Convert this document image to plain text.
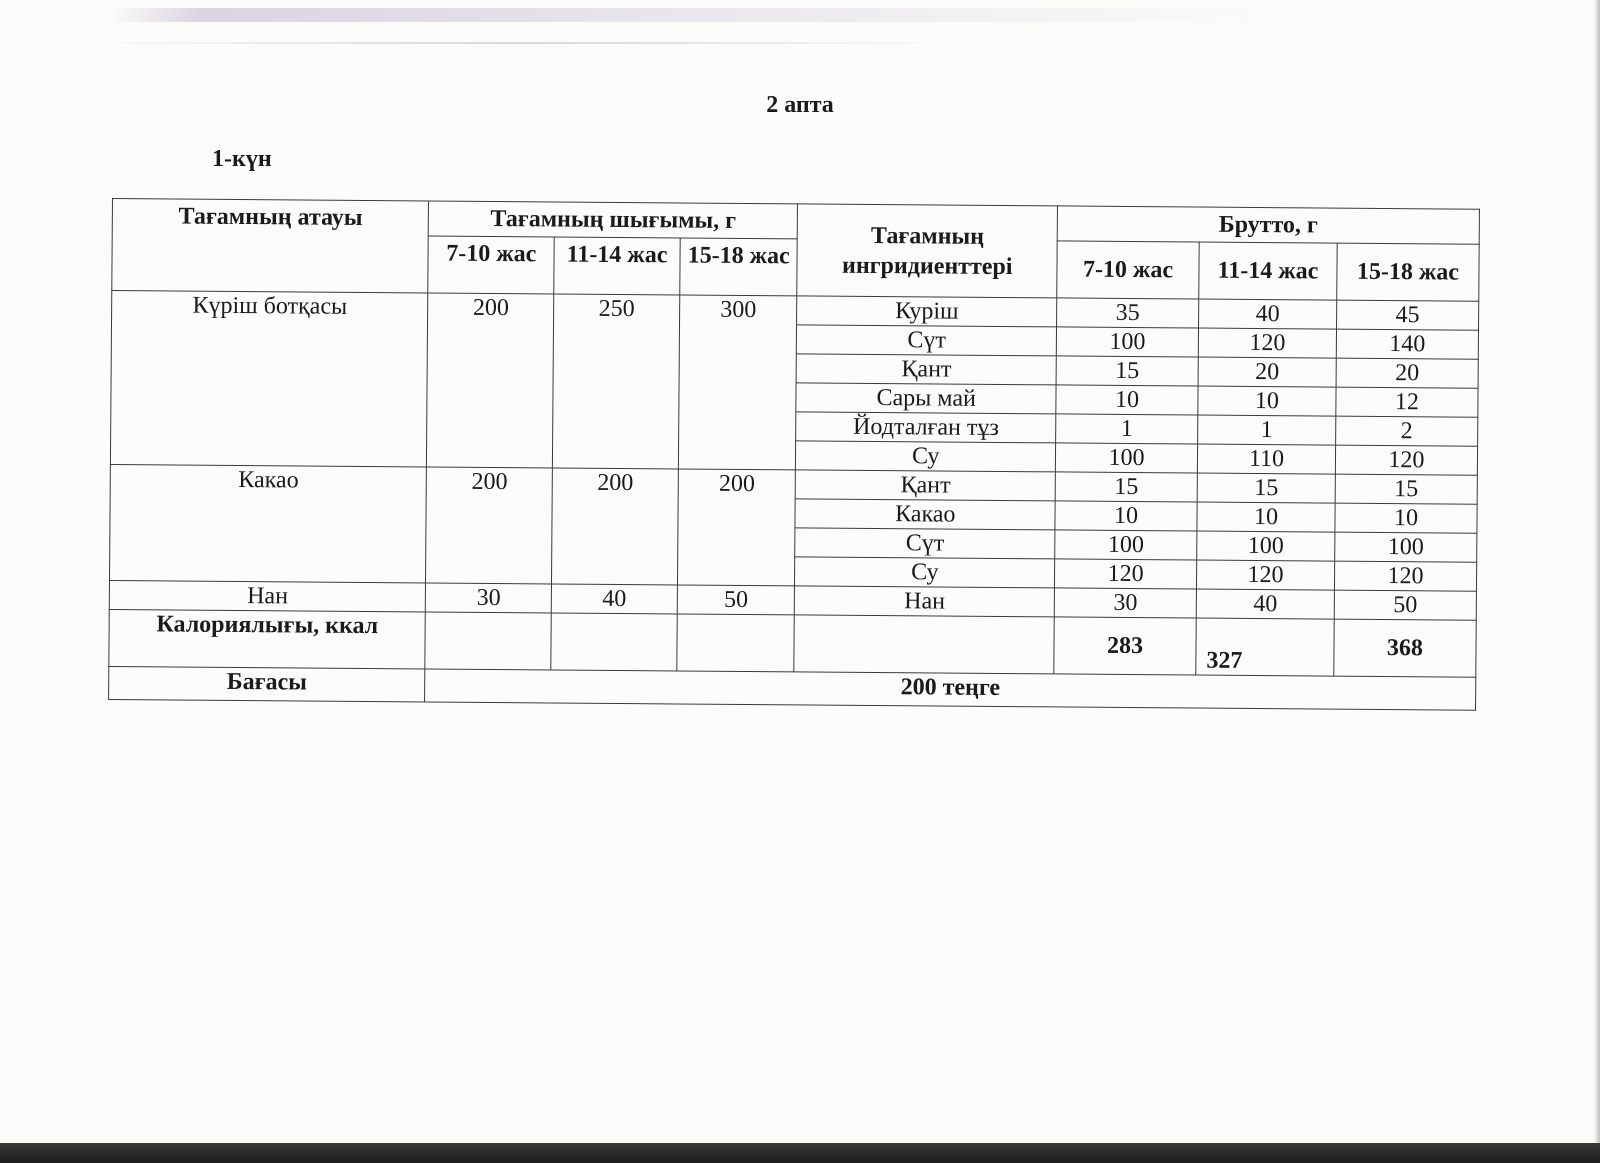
2 апта
1-күн
Тағамның атауы	Тағамның шығымы, г			Тағамның ингридиенттері	Брутто, г		
	7-10 жас	11-14 жас	15-18 жас		7-10 жас	11-14 жас	15-18 жас
Күріш ботқасы	200	250	300	Куріш	35	40	45
				Сүт	100	120	140
				Қант	15	20	20
				Сары май	10	10	12
				Йодталған тұз	1	1	2
				Су	100	110	120
Какао	200	200	200	Қант	15	15	15
				Какао	10	10	10
				Сүт	100	100	100
				Су	120	120	120
Нан	30	40	50	Нан	30	40	50
Калориялығы, ккал					283	327	368
Бағасы	200 теңге						
